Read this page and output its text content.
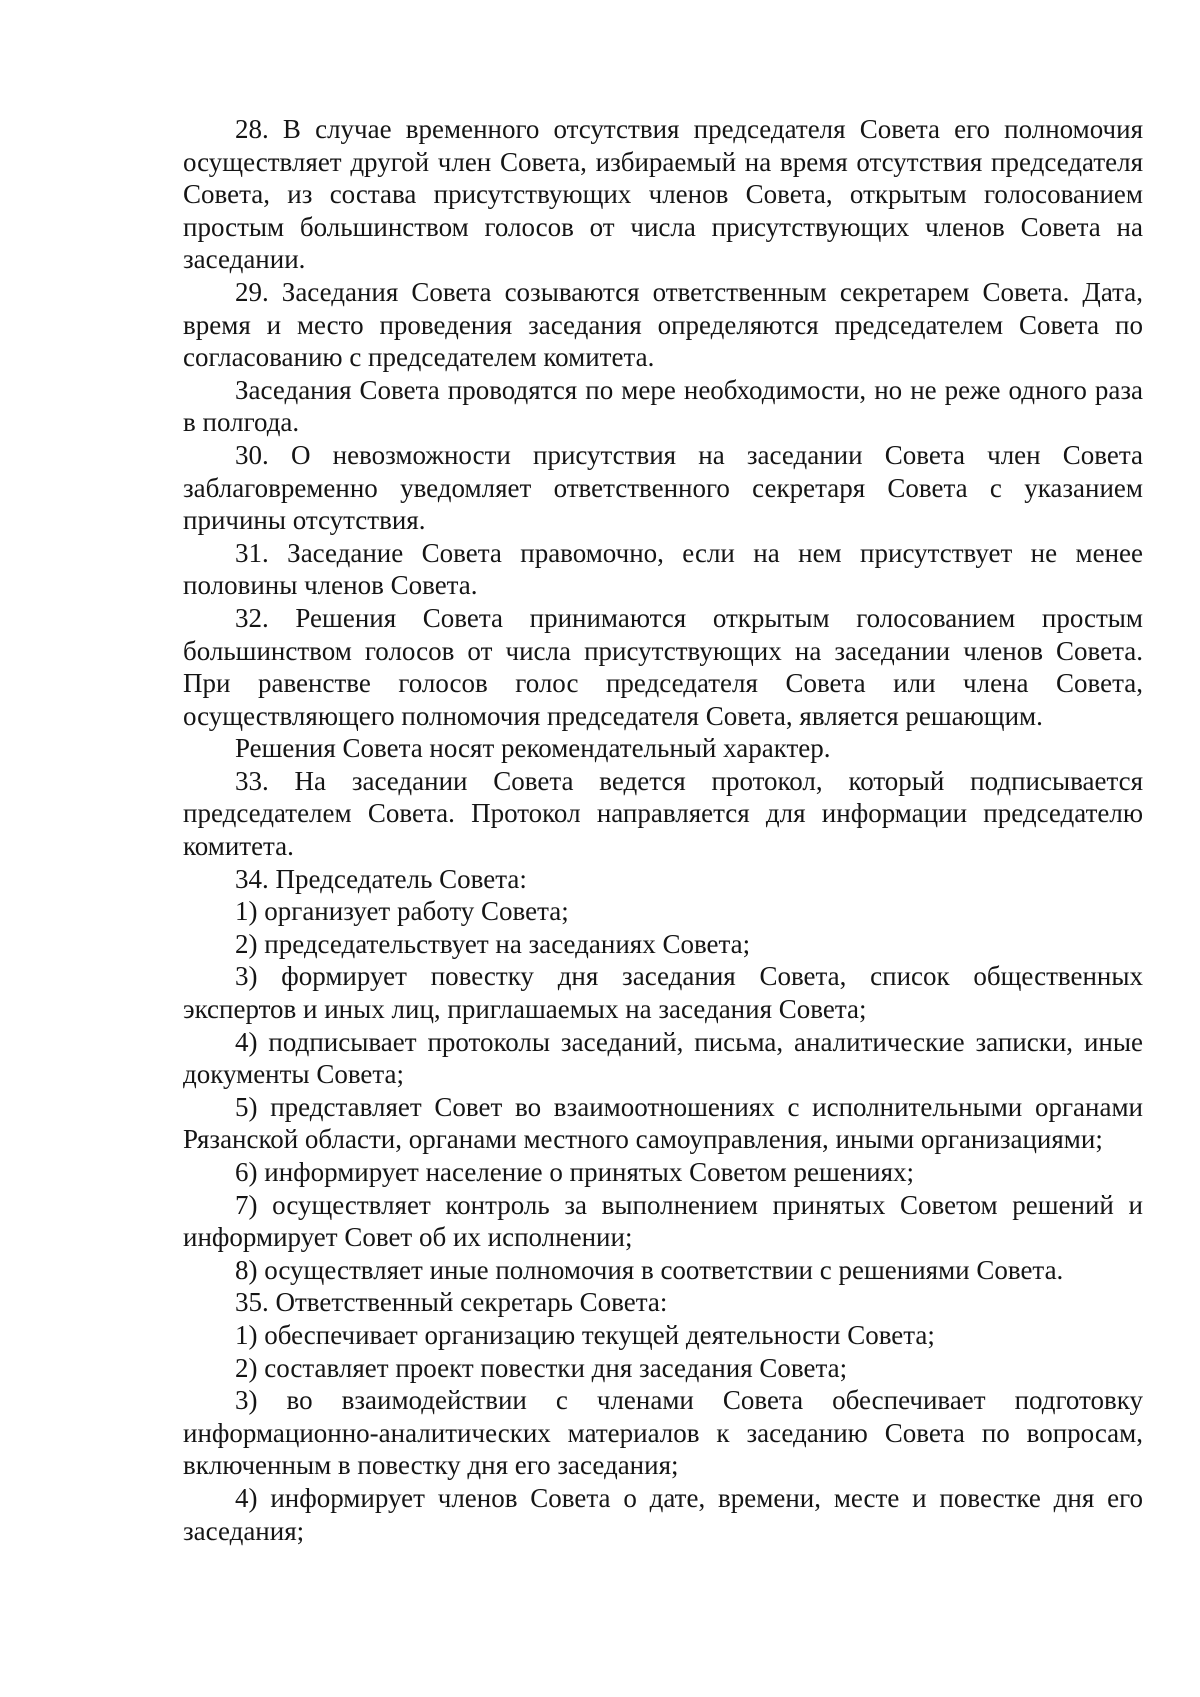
28. В случае временного отсутствия председателя Совета его полномочия осуществляет другой член Совета, избираемый на время отсутствия председателя Совета, из состава присутствующих членов Совета, открытым голосованием простым большинством голосов от числа присутствующих членов Совета на заседании.

29. Заседания Совета созываются ответственным секретарем Совета. Дата, время и место проведения заседания определяются председателем Совета по согласованию с председателем комитета.

Заседания Совета проводятся по мере необходимости, но не реже одного раза в полгода.

30. О невозможности присутствия на заседании Совета член Совета заблаговременно уведомляет ответственного секретаря Совета с указанием причины отсутствия.

31. Заседание Совета правомочно, если на нем присутствует не менее половины членов Совета.

32. Решения Совета принимаются открытым голосованием простым большинством голосов от числа присутствующих на заседании членов Совета. При равенстве голосов голос председателя Совета или члена Совета, осуществляющего полномочия председателя Совета, является решающим.

Решения Совета носят рекомендательный характер.

33. На заседании Совета ведется протокол, который подписывается председателем Совета. Протокол направляется для информации председателю комитета.

34. Председатель Совета:

1) организует работу Совета;

2) председательствует на заседаниях Совета;

3) формирует повестку дня заседания Совета, список общественных экспертов и иных лиц, приглашаемых на заседания Совета;

4) подписывает протоколы заседаний, письма, аналитические записки, иные документы Совета;

5) представляет Совет во взаимоотношениях с исполнительными органами Рязанской области, органами местного самоуправления, иными организациями;

6) информирует население о принятых Советом решениях;

7) осуществляет контроль за выполнением принятых Советом решений и информирует Совет об их исполнении;

8) осуществляет иные полномочия в соответствии с решениями Совета.

35. Ответственный секретарь Совета:

1) обеспечивает организацию текущей деятельности Совета;

2) составляет проект повестки дня заседания Совета;

3) во взаимодействии с членами Совета обеспечивает подготовку информационно-аналитических материалов к заседанию Совета по вопросам, включенным в повестку дня его заседания;

4) информирует членов Совета о дате, времени, месте и повестке дня его заседания;
